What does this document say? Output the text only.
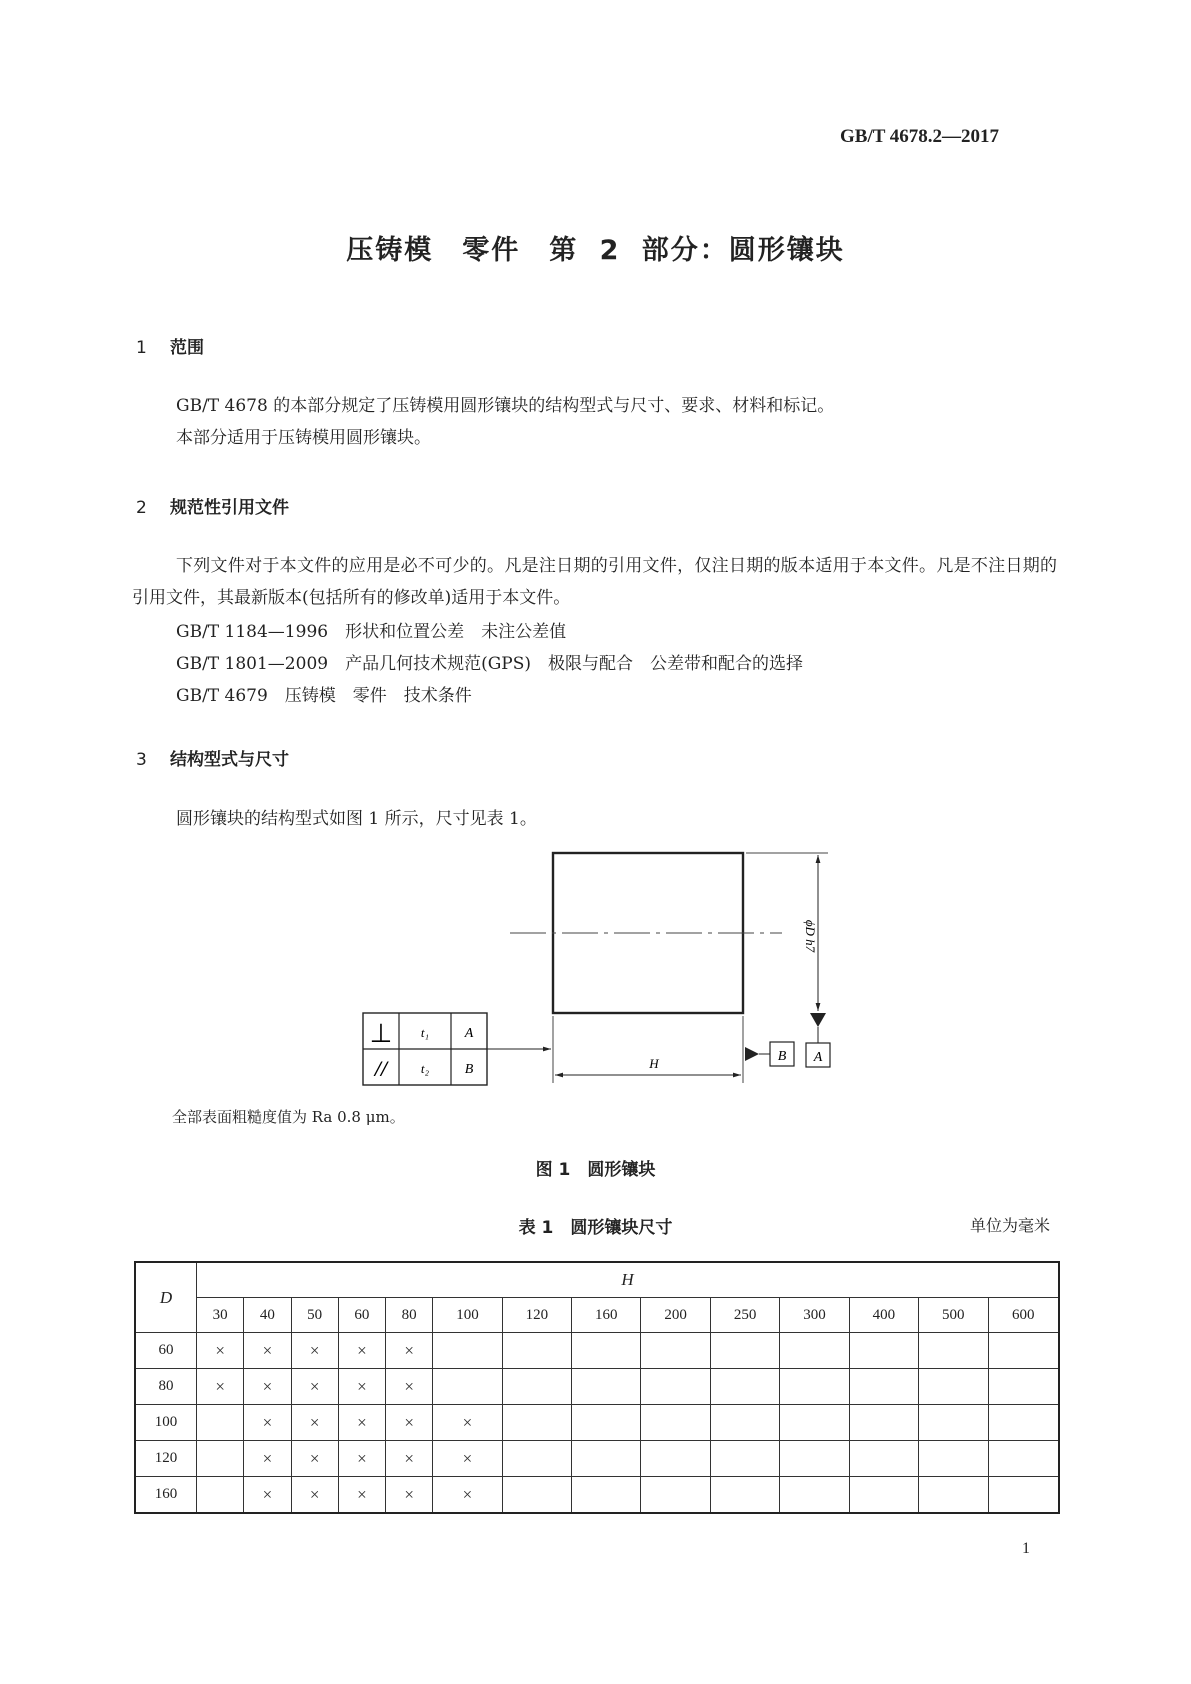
GB/T 4678.2—2017
压铸模　零件　第 2 部分：圆形镶块
1 范围
GB/T 4678 的本部分规定了压铸模用圆形镶块的结构型式与尺寸、要求、材料和标记。
本部分适用于压铸模用圆形镶块。
2 规范性引用文件
下列文件对于本文件的应用是必不可少的。凡是注日期的引用文件，仅注日期的版本适用于本文件。凡是不注日期的引用文件，其最新版本(包括所有的修改单)适用于本文件。
GB/T 1184—1996　形状和位置公差　未注公差值
GB/T 1801—2009　产品几何技术规范(GPS)　极限与配合　公差带和配合的选择
GB/T 4679　压铸模　零件　技术条件
3 结构型式与尺寸
圆形镶块的结构型式如图 1 所示，尺寸见表 1。
ϕD h7
A
B
H
⊥ t₁	A
//	t₂	B
全部表面粗糙度值为 Ra 0.8 μm。
图 1　圆形镶块
表 1　圆形镶块尺寸	单位为毫米
D	H													
	30	40	50	60	80	100	120	160	200	250	300	400	500	600
60	×	×	×	×	×									
80	×	×	×	×	×									
100		×	×	×	×	×								
120		×	×	×	×	×								
160		×	×	×	×	×								
1
